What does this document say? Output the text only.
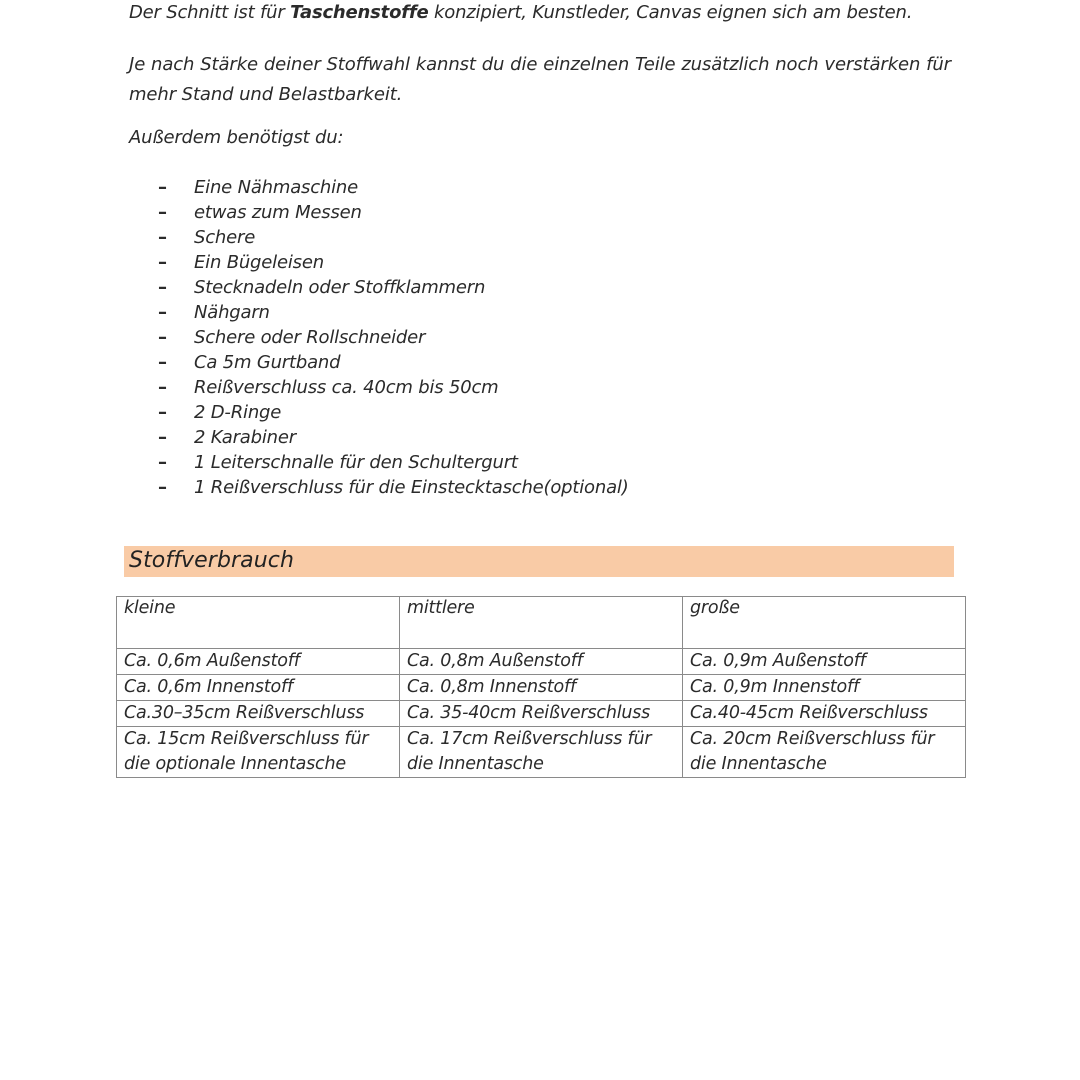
Der Schnitt ist für Taschenstoffe konzipiert, Kunstleder, Canvas eignen sich am besten.
Je nach Stärke deiner Stoffwahl kannst du die einzelnen Teile zusätzlich noch verstärken für mehr Stand und Belastbarkeit.
Außerdem benötigst du:
– Eine Nähmaschine
– etwas zum Messen
– Schere
– Ein Bügeleisen
– Stecknadeln oder Stoffklammern
– Nähgarn
– Schere oder Rollschneider
– Ca 5m Gurtband
– Reißverschluss ca. 40cm bis 50cm
– 2 D-Ringe
– 2 Karabiner
– 1 Leiterschnalle für den Schultergurt
– 1 Reißverschluss für die Einstecktasche(optional)
Stoffverbrauch
kleine	mittlere	große
Ca. 0,6m Außenstoff	Ca. 0,8m Außenstoff	Ca. 0,9m Außenstoff
Ca. 0,6m Innenstoff	Ca. 0,8m Innenstoff	Ca. 0,9m Innenstoff
Ca.30–35cm Reißverschluss	Ca. 35-40cm Reißverschluss	Ca.40-45cm Reißverschluss
Ca. 15cm Reißverschluss für die optionale Innentasche	Ca. 17cm Reißverschluss für die Innentasche	Ca. 20cm Reißverschluss für die Innentasche
